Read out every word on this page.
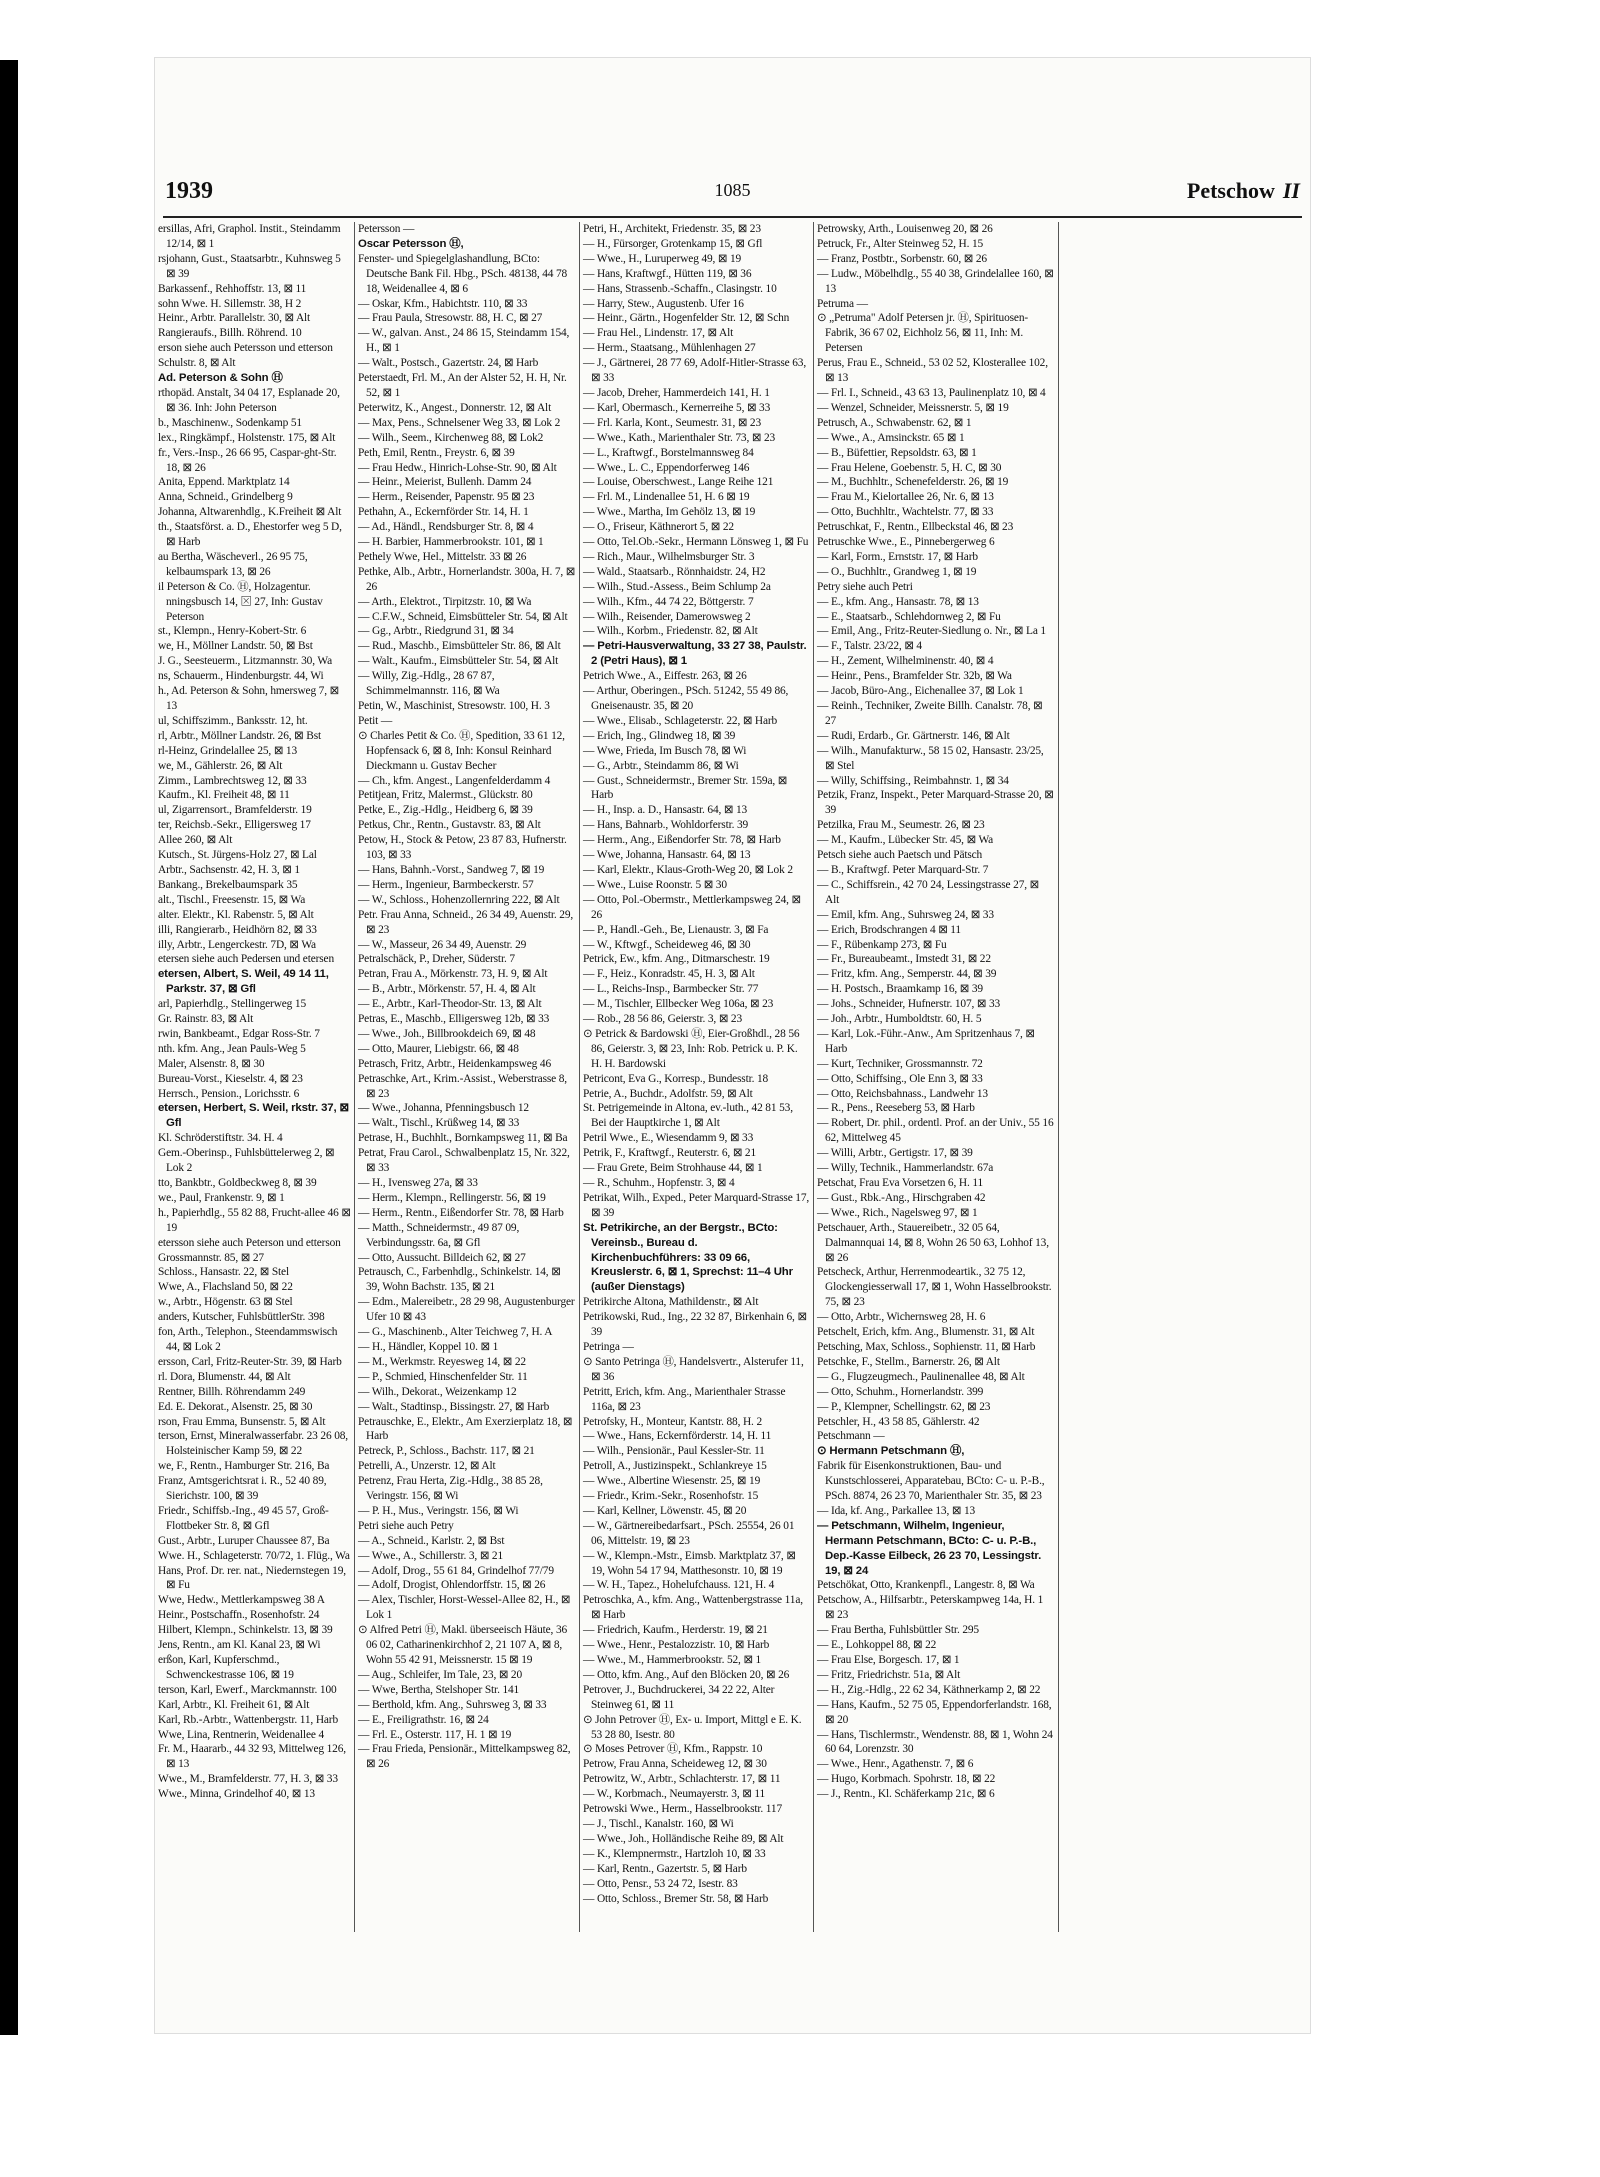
1939	1085	Petschow II

ersillas, Afri, Graphol. Instit., Steindamm 12/14, ⊠ 1

rsjohann, Gust., Staatsarbtr., Kuhnsweg 5 ⊠ 39

Barkassenf., Rehhoffstr. 13, ⊠ 11

sohn Wwe. H. Sillemstr. 38, H 2

Heinr., Arbtr. Parallelstr. 30, ⊠ Alt

Rangieraufs., Billh. Röhrend. 10

erson siehe auch Petersson und etterson

Schulstr. 8, ⊠ Alt

Ad. Peterson & Sohn Ⓗ

rthopäd. Anstalt, 34 04 17, Esplanade 20, ⊠ 36. Inh: John Peterson

b., Maschinenw., Sodenkamp 51

lex., Ringkämpf., Holstenstr. 175, ⊠ Alt

fr., Vers.-Insp., 26 66 95, Caspar-ght-Str. 18, ⊠ 26

Anita, Eppend. Marktplatz 14

Anna, Schneid., Grindelberg 9

Johanna, Altwarenhdlg., K.Freiheit ⊠ Alt

th., Staatsförst. a. D., Ehestorfer weg 5 D, ⊠ Harb

au Bertha, Wäscheverl., 26 95 75, kelbaumspark 13, ⊠ 26

il Peterson & Co. Ⓗ, Holzagentur. nningsbusch 14, ⊠ 27, Inh: Gustav Peterson

st., Klempn., Henry-Kobert-Str. 6

we, H., Möllner Landstr. 50, ⊠ Bst

J. G., Seesteuerm., Litzmannstr. 30, Wa

ns, Schauerm., Hindenburgstr. 44, Wi

h., Ad. Peterson & Sohn, hmersweg 7, ⊠ 13

ul, Schiffszimm., Banksstr. 12, ht.

rl, Arbtr., Möllner Landstr. 26, ⊠ Bst

rl-Heinz, Grindelallee 25, ⊠ 13

we, M., Gählerstr. 26, ⊠ Alt

Zimm., Lambrechtsweg 12, ⊠ 33

Kaufm., Kl. Freiheit 48, ⊠ 11

ul, Zigarrensort., Bramfelderstr. 19

ter, Reichsb.-Sekr., Elligersweg 17

Allee 260, ⊠ Alt

Kutsch., St. Jürgens-Holz 27, ⊠ Lal

Arbtr., Sachsenstr. 42, H. 3, ⊠ 1

Bankang., Brekelbaumspark 35

alt., Tischl., Freesenstr. 15, ⊠ Wa

alter. Elektr., Kl. Rabenstr. 5, ⊠ Alt

illi, Rangierarb., Heidhörn 82, ⊠ 33

illy, Arbtr., Lengerckestr. 7D, ⊠ Wa

etersen siehe auch Pedersen und etersen

etersen, Albert, S. Weil, 49 14 11, Parkstr. 37, ⊠ Gfl

arl, Papierhdlg., Stellingerweg 15

Gr. Rainstr. 83, ⊠ Alt

rwin, Bankbeamt., Edgar Ross-Str. 7

nth. kfm. Ang., Jean Pauls-Weg 5

Maler, Alsenstr. 8, ⊠ 30

Bureau-Vorst., Kieselstr. 4, ⊠ 23

Herrsch., Pension., Lorichsstr. 6

etersen, Herbert, S. Weil, rkstr. 37, ⊠ Gfl

Kl. Schröderstiftstr. 34. H. 4

Gem.-Oberinsp., Fuhlsbüttelerweg 2, ⊠ Lok 2

tto, Bankbtr., Goldbeckweg 8, ⊠ 39

we., Paul, Frankenstr. 9, ⊠ 1

h., Papierhdlg., 55 82 88, Frucht-allee 46 ⊠ 19

etersson siehe auch Peterson und etterson

Grossmannstr. 85, ⊠ 27

Schloss., Hansastr. 22, ⊠ Stel

Wwe, A., Flachsland 50, ⊠ 22

w., Arbtr., Högenstr. 63 ⊠ Stel

anders, Kutscher, FuhlsbüttlerStr. 398

fon, Arth., Telephon., Steendammswisch 44, ⊠ Lok 2

ersson, Carl, Fritz-Reuter-Str. 39, ⊠ Harb

rl. Dora, Blumenstr. 44, ⊠ Alt

Rentner, Billh. Röhrendamm 249

Ed. E. Dekorat., Alsenstr. 25, ⊠ 30

rson, Frau Emma, Bunsenstr. 5, ⊠ Alt

terson, Ernst, Mineralwasserfabr. 23 26 08, Holsteinischer Kamp 59, ⊠ 22

we, F., Rentn., Hamburger Str. 216, Ba

Franz, Amtsgerichtsrat i. R., 52 40 89, Sierichstr. 100, ⊠ 39

Friedr., Schiffsb.-Ing., 49 45 57, Groß-Flottbeker Str. 8, ⊠ Gfl

Gust., Arbtr., Luruper Chaussee 87, Ba

Wwe. H., Schlageterstr. 70/72, 1. Flüg., Wa

Hans, Prof. Dr. rer. nat., Niedernstegen 19, ⊠ Fu

Wwe, Hedw., Mettlerkampsweg 38 A

Heinr., Postschaffn., Rosenhofstr. 24

Hilbert, Klempn., Schinkelstr. 13, ⊠ 39

Jens, Rentn., am Kl. Kanal 23, ⊠ Wi

erßon, Karl, Kupferschmd., Schwenckestrasse 106, ⊠ 19

terson, Karl, Ewerf., Marckmannstr. 100

Karl, Arbtr., Kl. Freiheit 61, ⊠ Alt

Karl, Rb.-Arbtr., Wattenbergstr. 11, Harb

Wwe, Lina, Rentnerin, Weidenallee 4

Fr. M., Haararb., 44 32 93, Mittelweg 126, ⊠ 13

Wwe., M., Bramfelderstr. 77, H. 3, ⊠ 33

Wwe., Minna, Grindelhof 40, ⊠ 13

Petersson —

Oscar Petersson Ⓗ,

Fenster- und Spiegelglashandlung, BCto: Deutsche Bank Fil. Hbg., PSch. 48138, 44 78 18, Weidenallee 4, ⊠ 6

— Oskar, Kfm., Habichtstr. 110, ⊠ 33

— Frau Paula, Stresowstr. 88, H. C, ⊠ 27

— W., galvan. Anst., 24 86 15, Steindamm 154, H., ⊠ 1

— Walt., Postsch., Gazertstr. 24, ⊠ Harb

Peterstaedt, Frl. M., An der Alster 52, H. H, Nr. 52, ⊠ 1

Peterwitz, K., Angest., Donnerstr. 12, ⊠ Alt

— Max, Pens., Schnelsener Weg 33, ⊠ Lok 2

— Wilh., Seem., Kirchenweg 88, ⊠ Lok2

Peth, Emil, Rentn., Freystr. 6, ⊠ 39

— Frau Hedw., Hinrich-Lohse-Str. 90, ⊠ Alt

— Heinr., Meierist, Bullenh. Damm 24

— Herm., Reisender, Papenstr. 95 ⊠ 23

Pethahn, A., Eckernförder Str. 14, H. 1

— Ad., Händl., Rendsburger Str. 8, ⊠ 4

— H. Barbier, Hammerbrookstr. 101, ⊠ 1

Pethely Wwe, Hel., Mittelstr. 33 ⊠ 26

Pethke, Alb., Arbtr., Hornerlandstr. 300a, H. 7, ⊠ 26

— Arth., Elektrot., Tirpitzstr. 10, ⊠ Wa

— C.F.W., Schneid, Eimsbütteler Str. 54, ⊠ Alt

— Gg., Arbtr., Riedgrund 31, ⊠ 34

— Rud., Maschb., Eimsbütteler Str. 86, ⊠ Alt

— Walt., Kaufm., Eimsbütteler Str. 54, ⊠ Alt

— Willy, Zig.-Hdlg., 28 67 87, Schimmelmannstr. 116, ⊠ Wa

Petin, W., Maschinist, Stresowstr. 100, H. 3

Petit —

⊙ Charles Petit & Co. Ⓗ, Spedition, 33 61 12, Hopfensack 6, ⊠ 8, Inh: Konsul Reinhard Dieckmann u. Gustav Becher

— Ch., kfm. Angest., Langenfelderdamm 4

Petitjean, Fritz, Malermst., Glückstr. 80

Petke, E., Zig.-Hdlg., Heidberg 6, ⊠ 39

Petkus, Chr., Rentn., Gustavstr. 83, ⊠ Alt

Petow, H., Stock & Petow, 23 87 83, Hufnerstr. 103, ⊠ 33

— Hans, Bahnh.-Vorst., Sandweg 7, ⊠ 19

— Herm., Ingenieur, Barmbeckerstr. 57

— W., Schloss., Hohenzollernring 222, ⊠ Alt

Petr. Frau Anna, Schneid., 26 34 49, Auenstr. 29, ⊠ 23

— W., Masseur, 26 34 49, Auenstr. 29

Petralschäck, P., Dreher, Süderstr. 7

Petran, Frau A., Mörkenstr. 73, H. 9, ⊠ Alt

— B., Arbtr., Mörkenstr. 57, H. 4, ⊠ Alt

— E., Arbtr., Karl-Theodor-Str. 13, ⊠ Alt

Petras, E., Maschb., Elligersweg 12b, ⊠ 33

— Wwe., Joh., Billbrookdeich 69, ⊠ 48

— Otto, Maurer, Liebigstr. 66, ⊠ 48

Petrasch, Fritz, Arbtr., Heidenkampsweg 46

Petraschke, Art., Krim.-Assist., Weberstrasse 8, ⊠ 23

— Wwe., Johanna, Pfenningsbusch 12

— Walt., Tischl., Krüßweg 14, ⊠ 33

Petrase, H., Buchhlt., Bornkampsweg 11, ⊠ Ba

Petrat, Frau Carol., Schwalbenplatz 15, Nr. 322, ⊠ 33

— H., Ivensweg 27a, ⊠ 33

— Herm., Klempn., Rellingerstr. 56, ⊠ 19

— Herm., Rentn., Eißendorfer Str. 78, ⊠ Harb

— Matth., Schneidermstr., 49 87 09, Verbindungsstr. 6a, ⊠ Gfl

— Otto, Aussucht. Billdeich 62, ⊠ 27

Petrausch, C., Farbenhdlg., Schinkelstr. 14, ⊠ 39, Wohn Bachstr. 135, ⊠ 21

— Edm., Malereibetr., 28 29 98, Augustenburger Ufer 10 ⊠ 43

— G., Maschinenb., Alter Teichweg 7, H. A

— H., Händler, Koppel 10. ⊠ 1

— M., Werkmstr. Reyesweg 14, ⊠ 22

— P., Schmied, Hinschenfelder Str. 11

— Wilh., Dekorat., Weizenkamp 12

— Walt., Stadtinsp., Bissingstr. 27, ⊠ Harb

Petrauschke, E., Elektr., Am Exerzierplatz 18, ⊠ Harb

Petreck, P., Schloss., Bachstr. 117, ⊠ 21

Petrelli, A., Unzerstr. 12, ⊠ Alt

Petrenz, Frau Herta, Zig.-Hdlg., 38 85 28, Veringstr. 156, ⊠ Wi

— P. H., Mus., Veringstr. 156, ⊠ Wi

Petri siehe auch Petry

— A., Schneid., Karlstr. 2, ⊠ Bst

— Wwe., A., Schillerstr. 3, ⊠ 21

— Adolf, Drog., 55 61 84, Grindelhof 77/79

— Adolf, Drogist, Ohlendorffstr. 15, ⊠ 26

— Alex, Tischler, Horst-Wessel-Allee 82, H., ⊠ Lok 1

⊙ Alfred Petri Ⓗ, Makl. überseeisch Häute, 36 06 02, Catharinenkirchhof 2, 21 107 A, ⊠ 8, Wohn 55 42 91, Meissnerstr. 15 ⊠ 19

— Aug., Schleifer, Im Tale, 23, ⊠ 20

— Wwe, Bertha, Stelshoper Str. 141

— Berthold, kfm. Ang., Suhrsweg 3, ⊠ 33

— E., Freiligrathstr. 16, ⊠ 24

— Frl. E., Osterstr. 117, H. 1 ⊠ 19

— Frau Frieda, Pensionär., Mittelkampsweg 82, ⊠ 26

Petri, H., Architekt, Friedenstr. 35, ⊠ 23

— H., Fürsorger, Grotenkamp 15, ⊠ Gfl

— Wwe., H., Luruperweg 49, ⊠ 19

— Hans, Kraftwgf., Hütten 119, ⊠ 36

— Hans, Strassenb.-Schaffn., Clasingstr. 10

— Harry, Stew., Augustenb. Ufer 16

— Heinr., Gärtn., Hogenfelder Str. 12, ⊠ Schn

— Frau Hel., Lindenstr. 17, ⊠ Alt

— Herm., Staatsang., Mühlenhagen 27

— J., Gärtnerei, 28 77 69, Adolf-Hitler-Strasse 63, ⊠ 33

— Jacob, Dreher, Hammerdeich 141, H. 1

— Karl, Obermasch., Kernerreihe 5, ⊠ 33

— Frl. Karla, Kont., Seumestr. 31, ⊠ 23

— Wwe., Kath., Marienthaler Str. 73, ⊠ 23

— L., Kraftwgf., Borstelmannsweg 84

— Wwe., L. C., Eppendorferweg 146

— Louise, Oberschwest., Lange Reihe 121

— Frl. M., Lindenallee 51, H. 6 ⊠ 19

— Wwe., Martha, Im Gehölz 13, ⊠ 19

— O., Friseur, Käthnerort 5, ⊠ 22

— Otto, Tel.Ob.-Sekr., Hermann Lönsweg 1, ⊠ Fu

— Rich., Maur., Wilhelmsburger Str. 3

— Wald., Staatsarb., Rönnhaidstr. 24, H2

— Wilh., Stud.-Assess., Beim Schlump 2a

— Wilh., Kfm., 44 74 22, Böttgerstr. 7

— Wilh., Reisender, Damerowsweg 2

— Wilh., Korbm., Friedenstr. 82, ⊠ Alt

— Petri-Hausverwaltung, 33 27 38, Paulstr. 2 (Petri Haus), ⊠ 1

Petrich Wwe., A., Eiffestr. 263, ⊠ 26

— Arthur, Oberingen., PSch. 51242, 55 49 86, Gneisenaustr. 35, ⊠ 20

— Wwe., Elisab., Schlageterstr. 22, ⊠ Harb

— Erich, Ing., Glindweg 18, ⊠ 39

— Wwe, Frieda, Im Busch 78, ⊠ Wi

— G., Arbtr., Steindamm 86, ⊠ Wi

— Gust., Schneidermstr., Bremer Str. 159a, ⊠ Harb

— H., Insp. a. D., Hansastr. 64, ⊠ 13

— Hans, Bahnarb., Wohldorferstr. 39

— Herm., Ang., Eißendorfer Str. 78, ⊠ Harb

— Wwe, Johanna, Hansastr. 64, ⊠ 13

— Karl, Elektr., Klaus-Groth-Weg 20, ⊠ Lok 2

— Wwe., Luise Roonstr. 5 ⊠ 30

— Otto, Pol.-Obermstr., Mettlerkampsweg 24, ⊠ 26

— P., Handl.-Geh., Be, Lienaustr. 3, ⊠ Fa

— W., Kftwgf., Scheideweg 46, ⊠ 30

Petrick, Ew., kfm. Ang., Ditmarschestr. 19

— F., Heiz., Konradstr. 45, H. 3, ⊠ Alt

— L., Reichs-Insp., Barmbecker Str. 77

— M., Tischler, Ellbecker Weg 106a, ⊠ 23

— Rob., 28 56 86, Geierstr. 3, ⊠ 23

⊙ Petrick & Bardowski Ⓗ, Eier-Großhdl., 28 56 86, Geierstr. 3, ⊠ 23, Inh: Rob. Petrick u. P. K. H. H. Bardowski

Petricont, Eva G., Korresp., Bundesstr. 18

Petrie, A., Buchdr., Adolfstr. 59, ⊠ Alt

St. Petrigemeinde in Altona, ev.-luth., 42 81 53, Bei der Hauptkirche 1, ⊠ Alt

Petril Wwe., E., Wiesendamm 9, ⊠ 33

Petrik, F., Kraftwgf., Reuterstr. 6, ⊠ 21

— Frau Grete, Beim Strohhause 44, ⊠ 1

— R., Schuhm., Hopfenstr. 3, ⊠ 4

Petrikat, Wilh., Exped., Peter Marquard-Strasse 17, ⊠ 39

St. Petrikirche, an der Bergstr., BCto: Vereinsb., Bureau d. Kirchenbuchführers: 33 09 66, Kreuslerstr. 6, ⊠ 1, Sprechst: 11–4 Uhr (außer Dienstags)

Petrikirche Altona, Mathildenstr., ⊠ Alt

Petrikowski, Rud., Ing., 22 32 87, Birkenhain 6, ⊠ 39

Petringa —

⊙ Santo Petringa Ⓗ, Handelsvertr., Alsterufer 11, ⊠ 36

Petritt, Erich, kfm. Ang., Marienthaler Strasse 116a, ⊠ 23

Petrofsky, H., Monteur, Kantstr. 88, H. 2

— Wwe., Hans, Eckernförderstr. 14, H. 11

— Wilh., Pensionär., Paul Kessler-Str. 11

Petroll, A., Justizinspekt., Schlankreye 15

— Wwe., Albertine Wiesenstr. 25, ⊠ 19

— Friedr., Krim.-Sekr., Rosenhofstr. 15

— Karl, Kellner, Löwenstr. 45, ⊠ 20

— W., Gärtnereibedarfsart., PSch. 25554, 26 01 06, Mittelstr. 19, ⊠ 23

— W., Klempn.-Mstr., Eimsb. Marktplatz 37, ⊠ 19, Wohn 54 17 94, Matthesonstr. 10, ⊠ 19

— W. H., Tapez., Hohelufchauss. 121, H. 4

Petroschka, A., kfm. Ang., Wattenbergstrasse 11a, ⊠ Harb

— Friedrich, Kaufm., Herderstr. 19, ⊠ 21

— Wwe., Henr., Pestalozzistr. 10, ⊠ Harb

— Wwe., M., Hammerbrookstr. 52, ⊠ 1

— Otto, kfm. Ang., Auf den Blöcken 20, ⊠ 26

Petrover, J., Buchdruckerei, 34 22 22, Alter Steinweg 61, ⊠ 11

⊙ John Petrover Ⓗ, Ex- u. Import, Mittgl e E. K. 53 28 80, Isestr. 80

⊙ Moses Petrover Ⓗ, Kfm., Rappstr. 10

Petrow, Frau Anna, Scheideweg 12, ⊠ 30

Petrowitz, W., Arbtr., Schlachterstr. 17, ⊠ 11

— W., Korbmach., Neumayerstr. 3, ⊠ 11

Petrowski Wwe., Herm., Hasselbrookstr. 117

— J., Tischl., Kanalstr. 160, ⊠ Wi

— Wwe., Joh., Holländische Reihe 89, ⊠ Alt

— K., Klempnermstr., Hartzloh 10, ⊠ 33

— Karl, Rentn., Gazertstr. 5, ⊠ Harb

— Otto, Pensr., 53 24 72, Isestr. 83

— Otto, Schloss., Bremer Str. 58, ⊠ Harb

Petrowsky, Arth., Louisenweg 20, ⊠ 26

Petruck, Fr., Alter Steinweg 52, H. 15

— Franz, Postbtr., Sorbenstr. 60, ⊠ 26

— Ludw., Möbelhdlg., 55 40 38, Grindelallee 160, ⊠ 13

Petruma —

⊙ „Petruma" Adolf Petersen jr. Ⓗ, Spirituosen-Fabrik, 36 67 02, Eichholz 56, ⊠ 11, Inh: M. Petersen

Perus, Frau E., Schneid., 53 02 52, Klosterallee 102, ⊠ 13

— Frl. I., Schneid., 43 63 13, Paulinenplatz 10, ⊠ 4

— Wenzel, Schneider, Meissnerstr. 5, ⊠ 19

Petrusch, A., Schwabenstr. 62, ⊠ 1

— Wwe., A., Amsinckstr. 65 ⊠ 1

— B., Büfettier, Repsoldstr. 63, ⊠ 1

— Frau Helene, Goebenstr. 5, H. C, ⊠ 30

— M., Buchhltr., Schenefelderstr. 26, ⊠ 19

— Frau M., Kielortallee 26, Nr. 6, ⊠ 13

— Otto, Buchhltr., Wachtelstr. 77, ⊠ 33

Petruschkat, F., Rentn., Ellbeckstal 46, ⊠ 23

Petruschke Wwe., E., Pinnebergerweg 6

— Karl, Form., Ernststr. 17, ⊠ Harb

— O., Buchhltr., Grandweg 1, ⊠ 19

Petry siehe auch Petri

— E., kfm. Ang., Hansastr. 78, ⊠ 13

— E., Staatsarb., Schlehdornweg 2, ⊠ Fu

— Emil, Ang., Fritz-Reuter-Siedlung o. Nr., ⊠ La 1

— F., Talstr. 23/22, ⊠ 4

— H., Zement, Wilhelminenstr. 40, ⊠ 4

— Heinr., Pens., Bramfelder Str. 32b, ⊠ Wa

— Jacob, Büro-Ang., Eichenallee 37, ⊠ Lok 1

— Reinh., Techniker, Zweite Billh. Canalstr. 78, ⊠ 27

— Rudi, Erdarb., Gr. Gärtnerstr. 146, ⊠ Alt

— Wilh., Manufakturw., 58 15 02, Hansastr. 23/25, ⊠ Stel

— Willy, Schiffsing., Reimbahnstr. 1, ⊠ 34

Petzik, Franz, Inspekt., Peter Marquard-Strasse 20, ⊠ 39

Petzilka, Frau M., Seumestr. 26, ⊠ 23

— M., Kaufm., Lübecker Str. 45, ⊠ Wa

Petsch siehe auch Paetsch und Pätsch

— B., Kraftwgf. Peter Marquard-Str. 7

— C., Schiffsrein., 42 70 24, Lessingstrasse 27, ⊠ Alt

— Emil, kfm. Ang., Suhrsweg 24, ⊠ 33

— Erich, Brodschrangen 4 ⊠ 11

— F., Rübenkamp 273, ⊠ Fu

— Fr., Bureaubeamt., Imstedt 31, ⊠ 22

— Fritz, kfm. Ang., Semperstr. 44, ⊠ 39

— H. Postsch., Braamkamp 16, ⊠ 39

— Johs., Schneider, Hufnerstr. 107, ⊠ 33

— Joh., Arbtr., Humboldtstr. 60, H. 5

— Karl, Lok.-Führ.-Anw., Am Spritzenhaus 7, ⊠ Harb

— Kurt, Techniker, Grossmannstr. 72

— Otto, Schiffsing., Ole Enn 3, ⊠ 33

— Otto, Reichsbahnass., Landwehr 13

— R., Pens., Reeseberg 53, ⊠ Harb

— Robert, Dr. phil., ordentl. Prof. an der Univ., 55 16 62, Mittelweg 45

— Willi, Arbtr., Gertigstr. 17, ⊠ 39

— Willy, Technik., Hammerlandstr. 67a

Petschat, Frau Eva Vorsetzen 6, H. 11

— Gust., Rbk.-Ang., Hirschgraben 42

— Wwe., Rich., Nagelsweg 97, ⊠ 1

Petschauer, Arth., Stauereibetr., 32 05 64, Dalmannquai 14, ⊠ 8, Wohn 26 50 63, Lohhof 13, ⊠ 26

Petscheck, Arthur, Herrenmodeartik., 32 75 12, Glockengiesserwall 17, ⊠ 1, Wohn Hasselbrookstr. 75, ⊠ 23

— Otto, Arbtr., Wichernsweg 28, H. 6

Petschelt, Erich, kfm. Ang., Blumenstr. 31, ⊠ Alt

Petsching, Max, Schloss., Sophienstr. 11, ⊠ Harb

Petschke, F., Stellm., Barnerstr. 26, ⊠ Alt

— G., Flugzeugmech., Paulinenallee 48, ⊠ Alt

— Otto, Schuhm., Hornerlandstr. 399

— P., Klempner, Schellingstr. 62, ⊠ 23

Petschler, H., 43 58 85, Gählerstr. 42

Petschmann —

⊙ Hermann Petschmann Ⓗ,

Fabrik für Eisenkonstruktionen, Bau- und Kunstschlosserei, Apparatebau, BCto: C- u. P.-B., PSch. 8874, 26 23 70, Marienthaler Str. 35, ⊠ 23

— Ida, kf. Ang., Parkallee 13, ⊠ 13

— Petschmann, Wilhelm, Ingenieur, Hermann Petschmann, BCto: C- u. P.-B., Dep.-Kasse Eilbeck, 26 23 70, Lessingstr. 19, ⊠ 24

Petschökat, Otto, Krankenpfl., Langestr. 8, ⊠ Wa

Petschow, A., Hilfsarbtr., Peterskampweg 14a, H. 1 ⊠ 23

— Frau Bertha, Fuhlsbüttler Str. 295

— E., Lohkoppel 88, ⊠ 22

— Frau Else, Borgesch. 17, ⊠ 1

— Fritz, Friedrichstr. 51a, ⊠ Alt

— H., Zig.-Hdlg., 22 62 34, Käthnerkamp 2, ⊠ 22

— Hans, Kaufm., 52 75 05, Eppendorferlandstr. 168, ⊠ 20

— Hans, Tischlermstr., Wendenstr. 88, ⊠ 1, Wohn 24 60 64, Lorenzstr. 30

— Wwe., Henr., Agathenstr. 7, ⊠ 6

— Hugo, Korbmach. Spohrstr. 18, ⊠ 22

— J., Rentn., Kl. Schäferkamp 21c, ⊠ 6
